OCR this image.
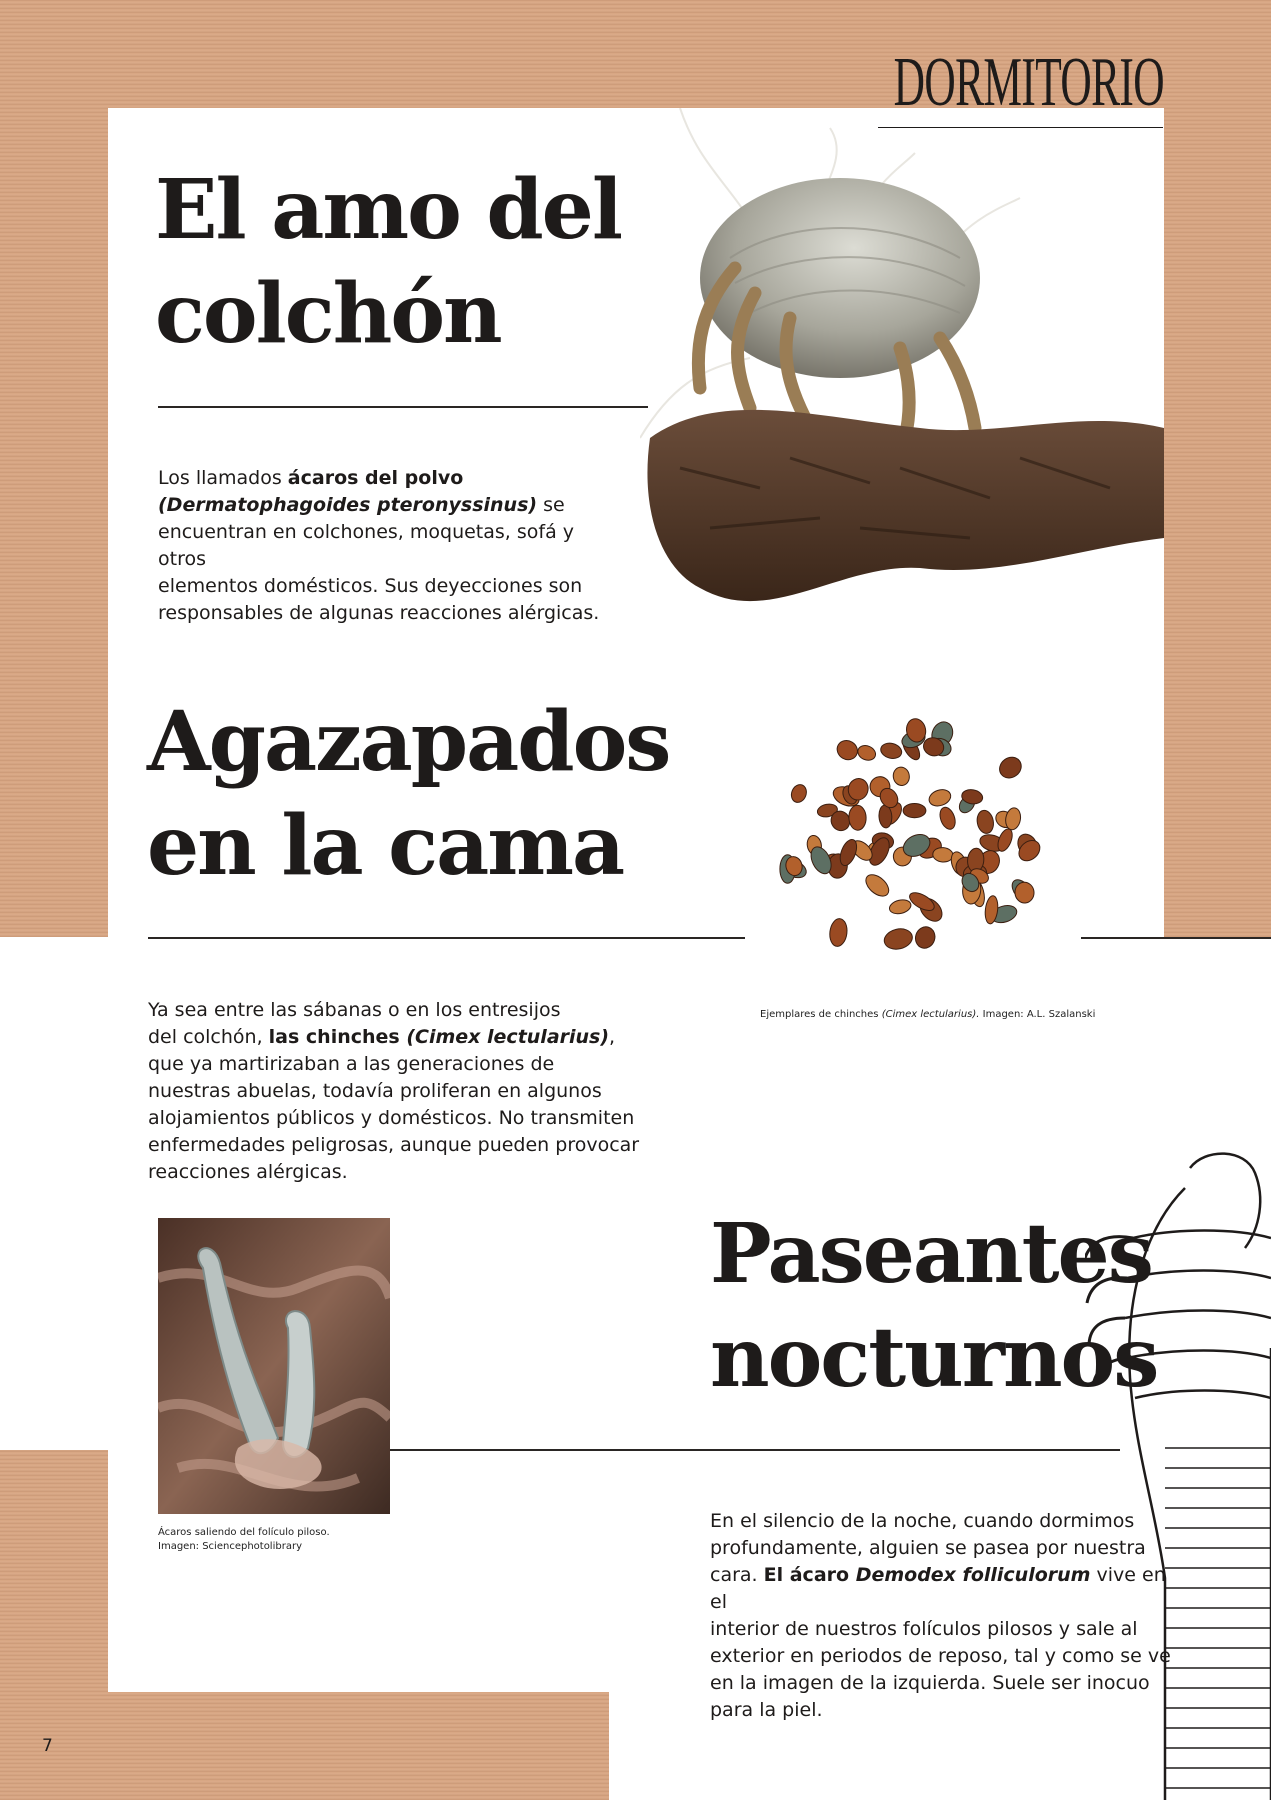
DORMITORIO
El amo del
colchón

Los llamados ácaros del polvo
(Dermatophagoides pteronyssinus) se
encuentran en colchones, moquetas, sofá y otros
elementos domésticos. Sus deyecciones son
responsables de algunas reacciones alérgicas.

Agazapados
en la cama

Ejemplares de chinches (Cimex lectularius). Imagen: A.L. Szalanski

Ya sea entre las sábanas o en los entresijos
del colchón, las chinches (Cimex lectularius),
que ya martirizaban a las generaciones de
nuestras abuelas, todavía proliferan en algunos
alojamientos públicos y domésticos. No transmiten
enfermedades peligrosas, aunque pueden provocar
reacciones alérgicas.

Ácaros saliendo del folículo piloso.
Imagen: Sciencephotolibrary

Paseantes
nocturnos

En el silencio de la noche, cuando dormimos
profundamente, alguien se pasea por nuestra
cara. El ácaro Demodex folliculorum vive en el
interior de nuestros folículos pilosos y sale al
exterior en periodos de reposo, tal y como se ve
en la imagen de la izquierda. Suele ser inocuo
para la piel.

7
